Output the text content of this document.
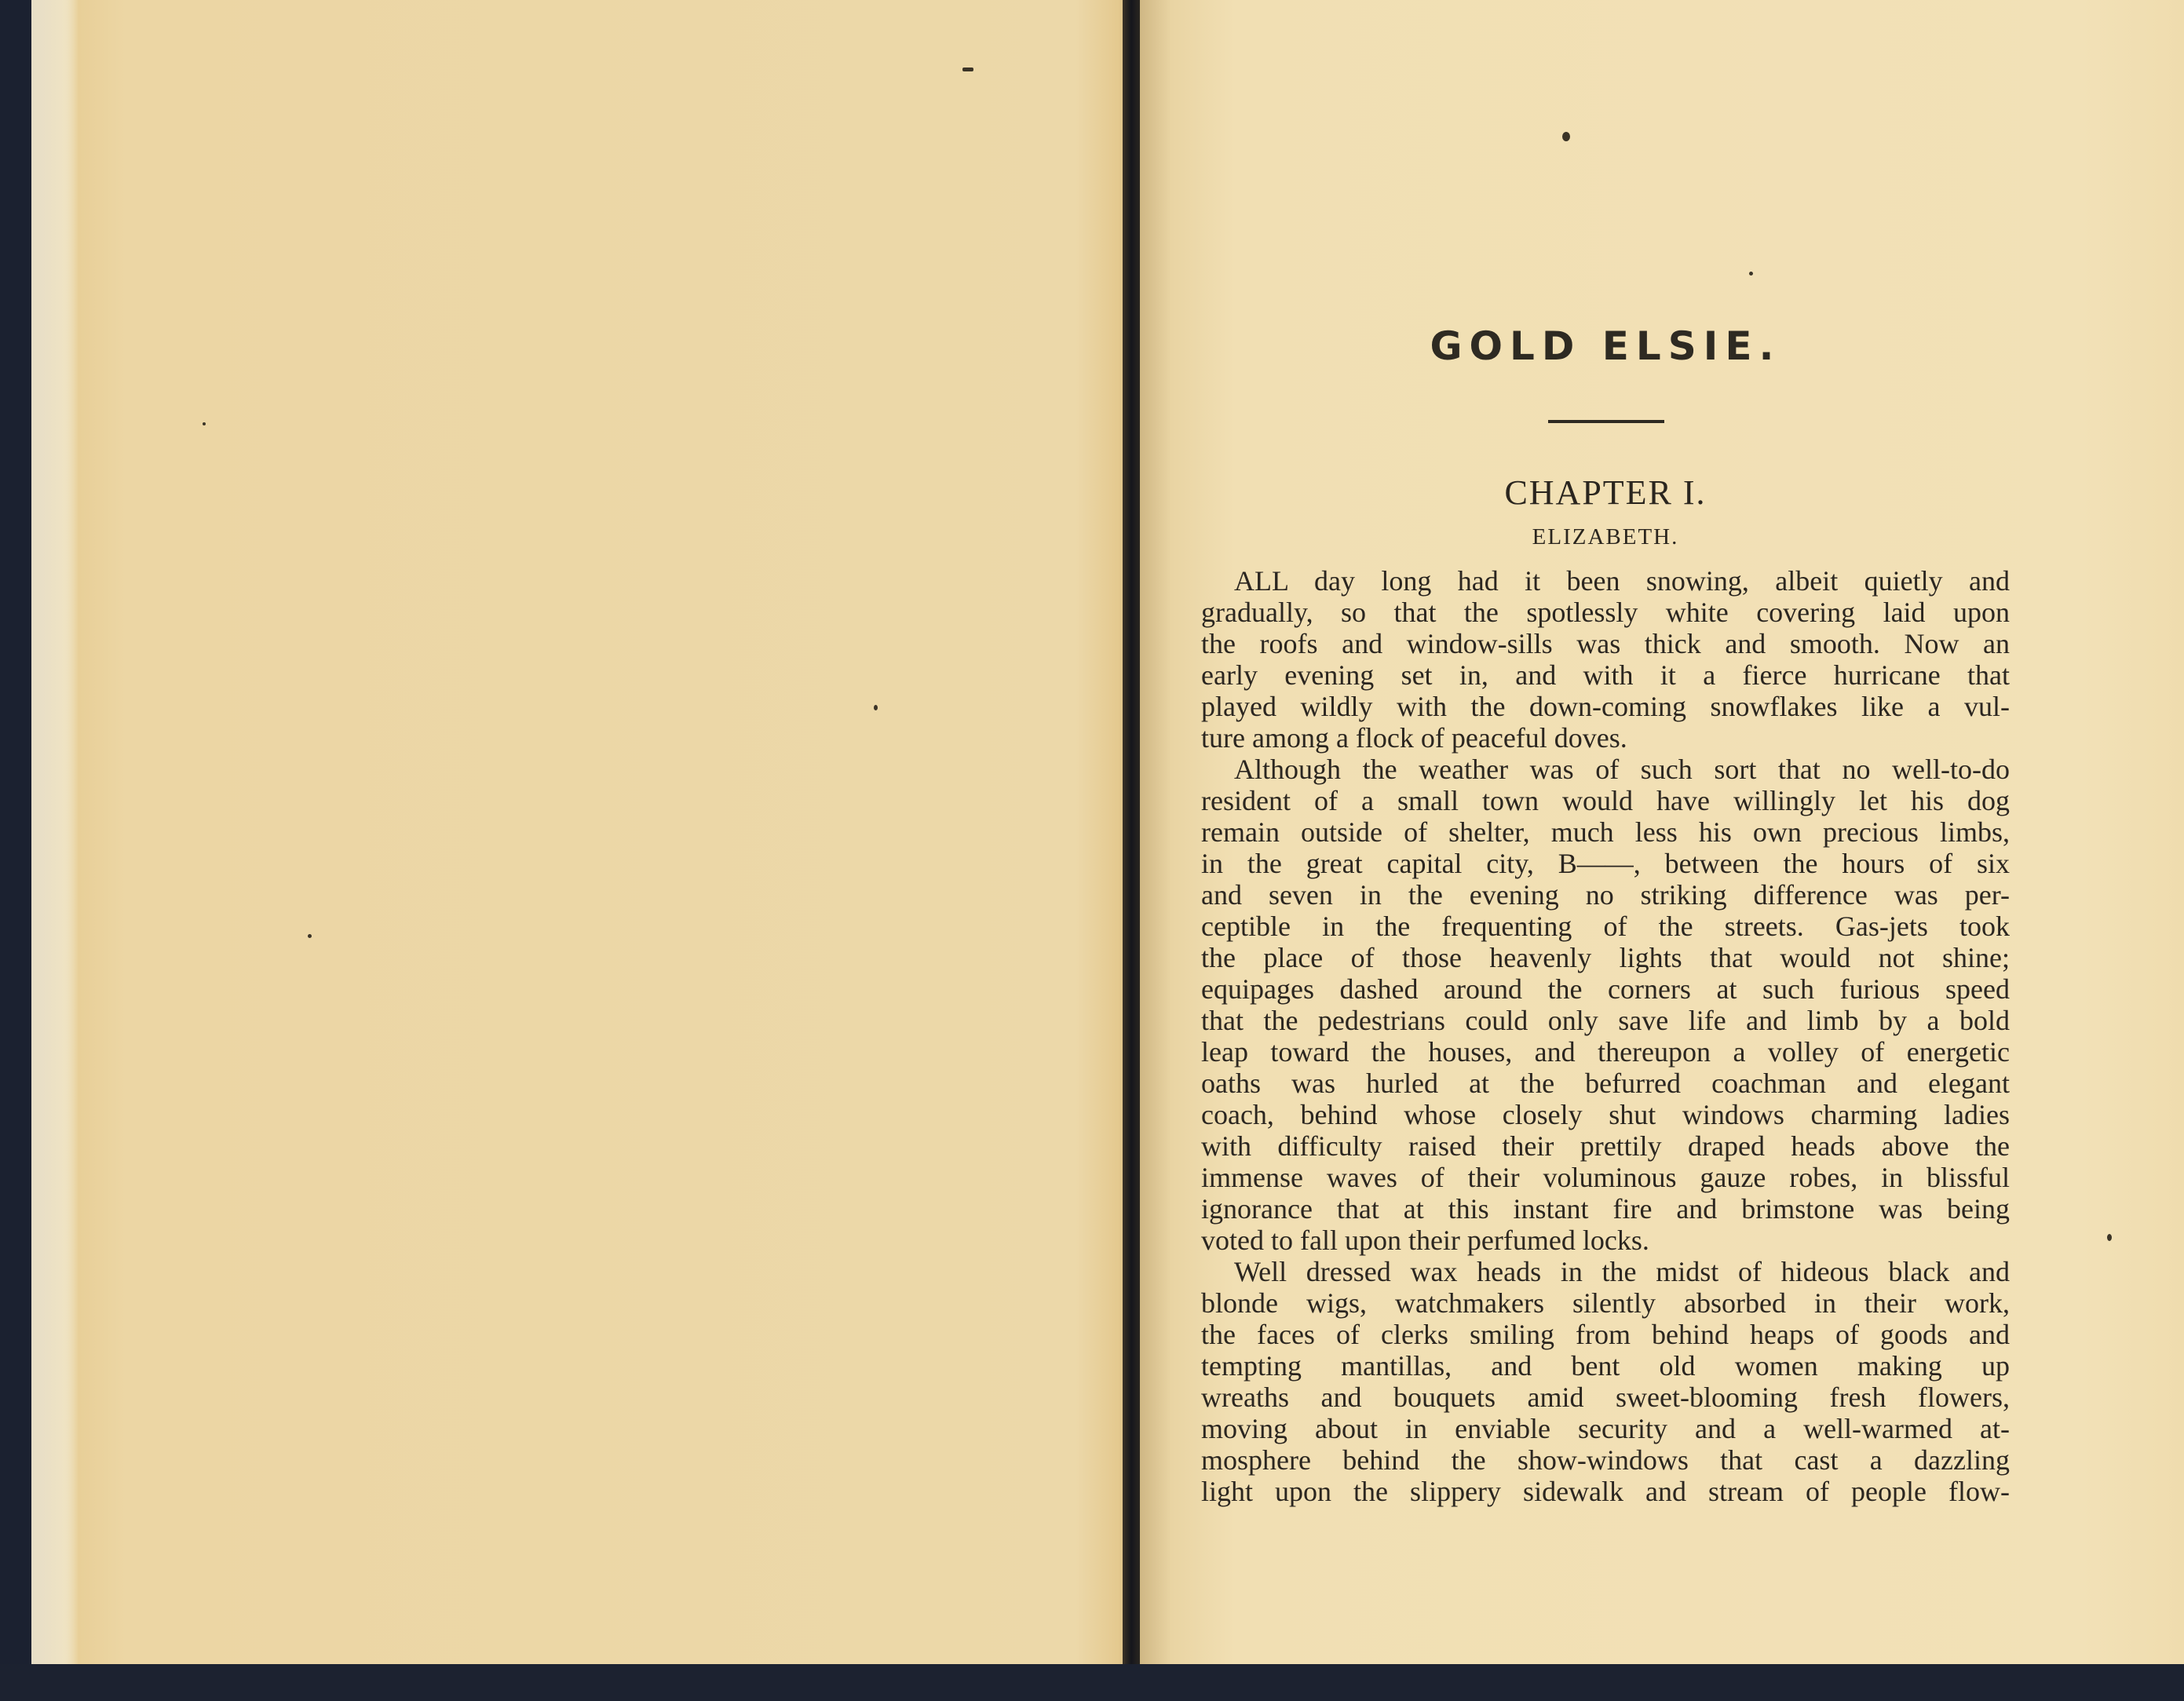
GOLD ELSIE.
CHAPTER I.
ELIZABETH.
ALL day long had it been snowing, albeit quietly and
gradually, so that the spotlessly white covering laid upon
the roofs and window-sills was thick and smooth. Now an
early evening set in, and with it a fierce hurricane that
played wildly with the down-coming snowflakes like a vul-
ture among a flock of peaceful doves.
Although the weather was of such sort that no well-to-do
resident of a small town would have willingly let his dog
remain outside of shelter, much less his own precious limbs,
in the great capital city, B——, between the hours of six
and seven in the evening no striking difference was per-
ceptible in the frequenting of the streets. Gas-jets took
the place of those heavenly lights that would not shine;
equipages dashed around the corners at such furious speed
that the pedestrians could only save life and limb by a bold
leap toward the houses, and thereupon a volley of energetic
oaths was hurled at the befurred coachman and elegant
coach, behind whose closely shut windows charming ladies
with difficulty raised their prettily draped heads above the
immense waves of their voluminous gauze robes, in blissful
ignorance that at this instant fire and brimstone was being
voted to fall upon their perfumed locks.
Well dressed wax heads in the midst of hideous black and
blonde wigs, watchmakers silently absorbed in their work,
the faces of clerks smiling from behind heaps of goods and
tempting mantillas, and bent old women making up
wreaths and bouquets amid sweet-blooming fresh flowers,
moving about in enviable security and a well-warmed at-
mosphere behind the show-windows that cast a dazzling
light upon the slippery sidewalk and stream of people flow-
